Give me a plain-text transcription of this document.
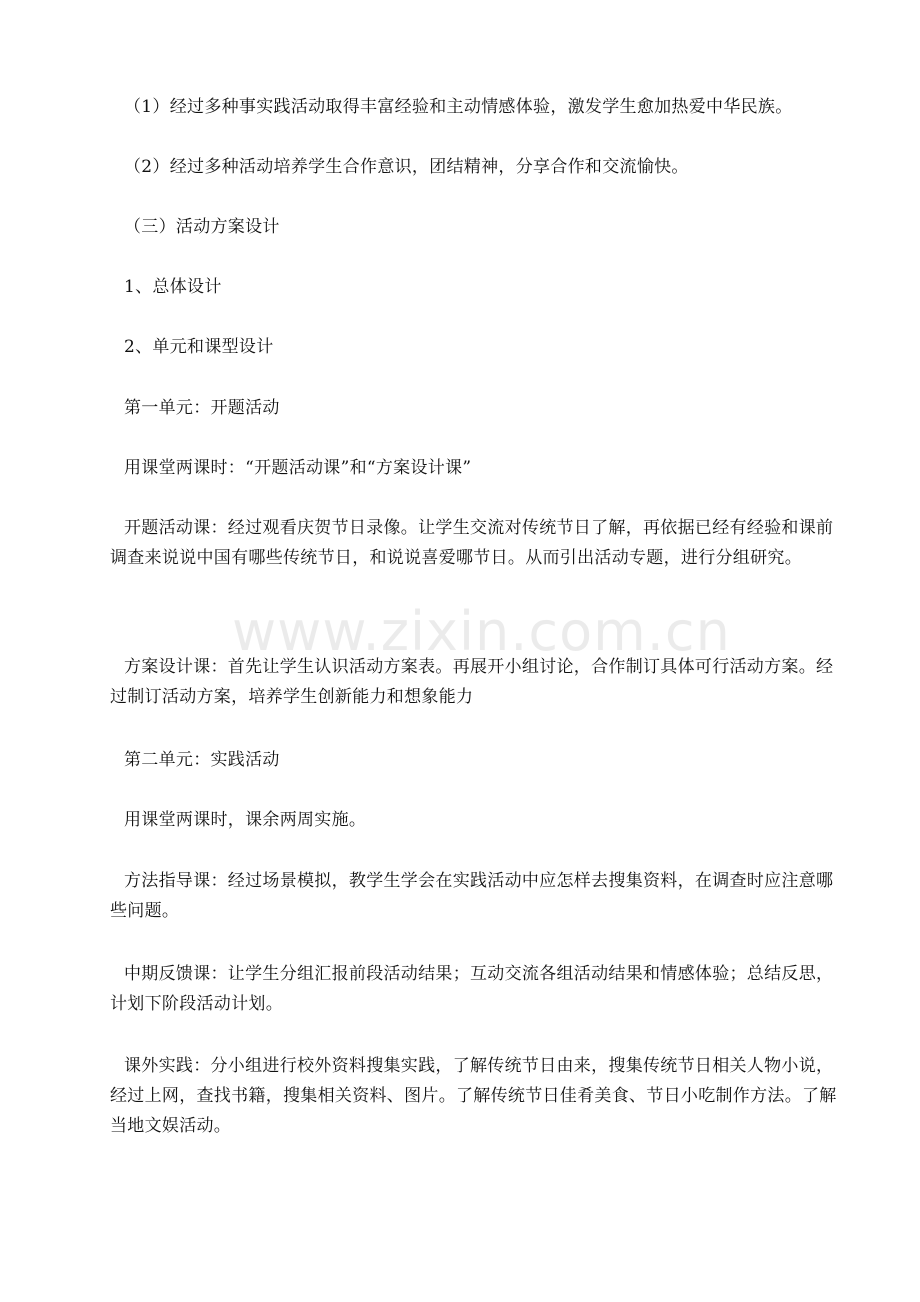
（1）经过多种事实践活动取得丰富经验和主动情感体验，激发学生愈加热爱中华民族。

（2）经过多种活动培养学生合作意识，团结精神，分享合作和交流愉快。

（三）活动方案设计

1、总体设计

2、单元和课型设计

第一单元：开题活动

用课堂两课时：“开题活动课”和“方案设计课”

开题活动课：经过观看庆贺节日录像。让学生交流对传统节日了解，再依据已经有经验和课前调查来说说中国有哪些传统节日，和说说喜爱哪节日。从而引出活动专题，进行分组研究。

方案设计课：首先让学生认识活动方案表。再展开小组讨论，合作制订具体可行活动方案。经过制订活动方案，培养学生创新能力和想象能力

第二单元：实践活动

用课堂两课时，课余两周实施。

方法指导课：经过场景模拟，教学生学会在实践活动中应怎样去搜集资料，在调查时应注意哪些问题。

中期反馈课：让学生分组汇报前段活动结果；互动交流各组活动结果和情感体验；总结反思，计划下阶段活动计划。

课外实践：分小组进行校外资料搜集实践，了解传统节日由来，搜集传统节日相关人物小说，经过上网，查找书籍，搜集相关资料、图片。了解传统节日佳肴美食、节日小吃制作方法。了解当地文娱活动。

www.zixin.com.cn
